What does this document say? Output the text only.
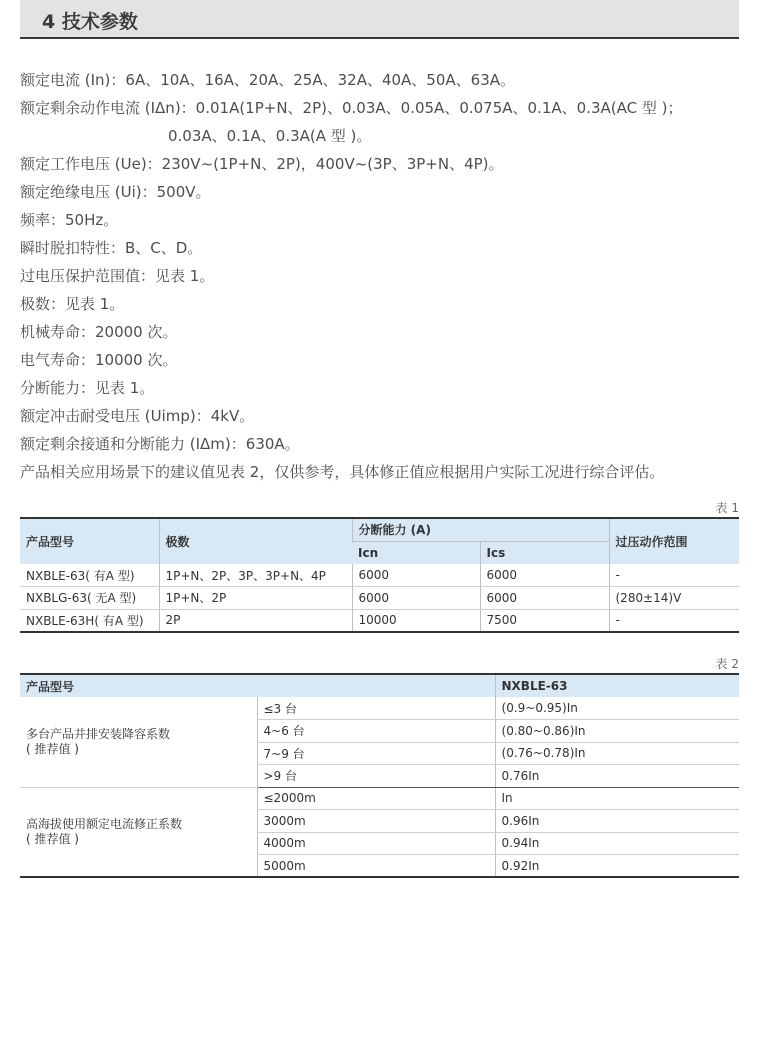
4 技术参数
额定电流 (In)：6A、10A、16A、20A、25A、32A、40A、50A、63A。
额定剩余动作电流 (IΔn)：0.01A(1P+N、2P)、0.03A、0.05A、0.075A、0.1A、0.3A(AC 型 )；
0.03A、0.1A、0.3A(A 型 )。
额定工作电压 (Ue)：230V~(1P+N、2P)，400V~(3P、3P+N、4P)。
额定绝缘电压 (Ui)：500V。
频率：50Hz。
瞬时脱扣特性：B、C、D。
过电压保护范围值：见表 1。
极数：见表 1。
机械寿命：20000 次。
电气寿命：10000 次。
分断能力：见表 1。
额定冲击耐受电压 (Uimp)：4kV。
额定剩余接通和分断能力 (IΔm)：630A。
产品相关应用场景下的建议值见表 2，仅供参考，具体修正值应根据用户实际工况进行综合评估。
表 1
产品型号	极数	分断能力 (A)		过压动作范围
		Icn	Ics	
NXBLE-63( 有A 型)	1P+N、2P、3P、3P+N、4P	6000	6000	-
NXBLG-63( 无A 型)	1P+N、2P	6000	6000	(280±14)V
NXBLE-63H( 有A 型)	2P	10000	7500	-
表 2
产品型号		NXBLE-63

多台产品并排安装降容系数
( 推荐值 )	≤3 台	(0.9~0.95)In
	4~6 台	(0.80~0.86)In
	7~9 台	(0.76~0.78)In
	>9 台	0.76In

高海拔使用额定电流修正系数
( 推荐值 )	≤2000m	In
	3000m	0.96In
	4000m	0.94In
	5000m	0.92In
